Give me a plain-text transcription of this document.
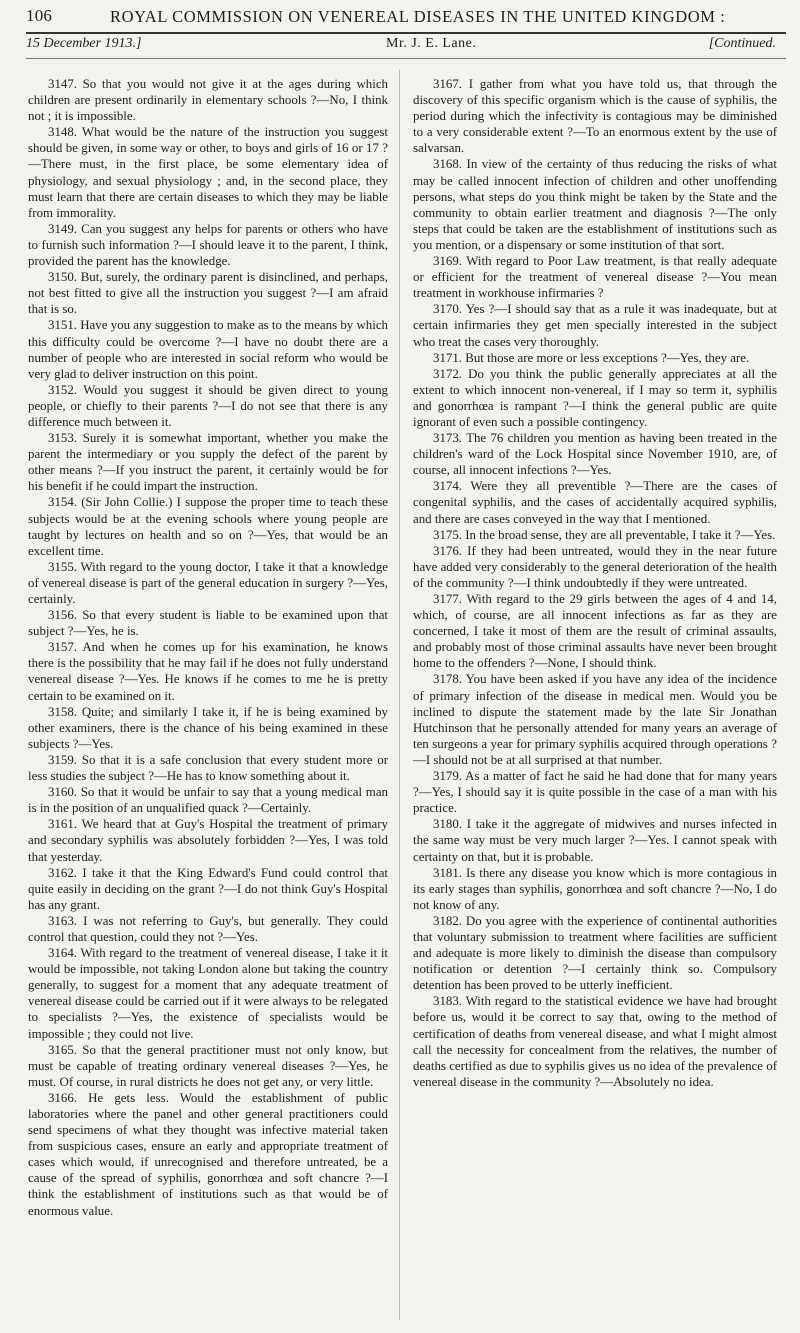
106	ROYAL COMMISSION ON VENEREAL DISEASES IN THE UNITED KINGDOM :
15 December 1913.]	Mr. J. E. Lane.	[Continued.

3147. So that you would not give it at the ages during which children are present ordinarily in elementary schools ?—No, I think not ; it is impossible.

3148. What would be the nature of the instruction you suggest should be given, in some way or other, to boys and girls of 16 or 17 ?—There must, in the first place, be some elementary idea of physiology, and sexual physiology ; and, in the second place, they must learn that there are certain diseases to which they may be liable from immorality.

3149. Can you suggest any helps for parents or others who have to furnish such information ?—I should leave it to the parent, I think, provided the parent has the knowledge.

3150. But, surely, the ordinary parent is disinclined, and perhaps, not best fitted to give all the instruction you suggest ?—I am afraid that is so.

3151. Have you any suggestion to make as to the means by which this difficulty could be overcome ?—I have no doubt there are a number of people who are interested in social reform who would be very glad to deliver instruction on this point.

3152. Would you suggest it should be given direct to young people, or chiefly to their parents ?—I do not see that there is any difference much between it.

3153. Surely it is somewhat important, whether you make the parent the intermediary or you supply the defect of the parent by other means ?—If you instruct the parent, it certainly would be for his benefit if he could impart the instruction.

3154. (Sir John Collie.) I suppose the proper time to teach these subjects would be at the evening schools where young people are taught by lectures on health and so on ?—Yes, that would be an excellent time.

3155. With regard to the young doctor, I take it that a knowledge of venereal disease is part of the general education in surgery ?—Yes, certainly.

3156. So that every student is liable to be examined upon that subject ?—Yes, he is.

3157. And when he comes up for his examination, he knows there is the possibility that he may fail if he does not fully understand venereal disease ?—Yes. He knows if he comes to me he is pretty certain to be examined on it.

3158. Quite; and similarly I take it, if he is being examined by other examiners, there is the chance of his being examined in these subjects ?—Yes.

3159. So that it is a safe conclusion that every student more or less studies the subject ?—He has to know something about it.

3160. So that it would be unfair to say that a young medical man is in the position of an unqualified quack ?—Certainly.

3161. We heard that at Guy's Hospital the treatment of primary and secondary syphilis was absolutely forbidden ?—Yes, I was told that yesterday.

3162. I take it that the King Edward's Fund could control that quite easily in deciding on the grant ?—I do not think Guy's Hospital has any grant.

3163. I was not referring to Guy's, but generally. They could control that question, could they not ?—Yes.

3164. With regard to the treatment of venereal disease, I take it it would be impossible, not taking London alone but taking the country generally, to suggest for a moment that any adequate treatment of venereal disease could be carried out if it were always to be relegated to specialists ?—Yes, the existence of specialists would be impossible ; they could not live.

3165. So that the general practitioner must not only know, but must be capable of treating ordinary venereal diseases ?—Yes, he must. Of course, in rural districts he does not get any, or very little.

3166. He gets less. Would the establishment of public laboratories where the panel and other general practitioners could send specimens of what they thought was infective material taken from suspicious cases, ensure an early and appropriate treatment of cases which would, if unrecognised and therefore untreated, be a cause of the spread of syphilis, gonorrhœa and soft chancre ?—I think the establishment of institutions such as that would be of enormous value.

3167. I gather from what you have told us, that through the discovery of this specific organism which is the cause of syphilis, the period during which the infectivity is contagious may be diminished to a very considerable extent ?—To an enormous extent by the use of salvarsan.

3168. In view of the certainty of thus reducing the risks of what may be called innocent infection of children and other unoffending persons, what steps do you think might be taken by the State and the community to obtain earlier treatment and diagnosis ?—The only steps that could be taken are the establishment of institutions such as you mention, or a dispensary or some institution of that sort.

3169. With regard to Poor Law treatment, is that really adequate or efficient for the treatment of venereal disease ?—You mean treatment in workhouse infirmaries ?

3170. Yes ?—I should say that as a rule it was inadequate, but at certain infirmaries they get men specially interested in the subject who treat the cases very thoroughly.

3171. But those are more or less exceptions ?—Yes, they are.

3172. Do you think the public generally appreciates at all the extent to which innocent non-venereal, if I may so term it, syphilis and gonorrhœa is rampant ?—I think the general public are quite ignorant of even such a possible contingency.

3173. The 76 children you mention as having been treated in the children's ward of the Lock Hospital since November 1910, are, of course, all innocent infections ?—Yes.

3174. Were they all preventible ?—There are the cases of congenital syphilis, and the cases of accidentally acquired syphilis, and there are cases conveyed in the way that I mentioned.

3175. In the broad sense, they are all preventable, I take it ?—Yes.

3176. If they had been untreated, would they in the near future have added very considerably to the general deterioration of the health of the community ?—I think undoubtedly if they were untreated.

3177. With regard to the 29 girls between the ages of 4 and 14, which, of course, are all innocent infections as far as they are concerned, I take it most of them are the result of criminal assaults, and probably most of those criminal assaults have never been brought home to the offenders ?—None, I should think.

3178. You have been asked if you have any idea of the incidence of primary infection of the disease in medical men. Would you be inclined to dispute the statement made by the late Sir Jonathan Hutchinson that he personally attended for many years an average of ten surgeons a year for primary syphilis acquired through operations ?—I should not be at all surprised at that number.

3179. As a matter of fact he said he had done that for many years ?—Yes, I should say it is quite possible in the case of a man with his practice.

3180. I take it the aggregate of midwives and nurses infected in the same way must be very much larger ?—Yes. I cannot speak with certainty on that, but it is probable.

3181. Is there any disease you know which is more contagious in its early stages than syphilis, gonorrhœa and soft chancre ?—No, I do not know of any.

3182. Do you agree with the experience of continental authorities that voluntary submission to treatment where facilities are sufficient and adequate is more likely to diminish the disease than compulsory notification or detention ?—I certainly think so. Compulsory detention has been proved to be utterly inefficient.

3183. With regard to the statistical evidence we have had brought before us, would it be correct to say that, owing to the method of certification of deaths from venereal disease, and what I might almost call the necessity for concealment from the relatives, the number of deaths certified as due to syphilis gives us no idea of the prevalence of venereal disease in the community ?—Absolutely no idea.
